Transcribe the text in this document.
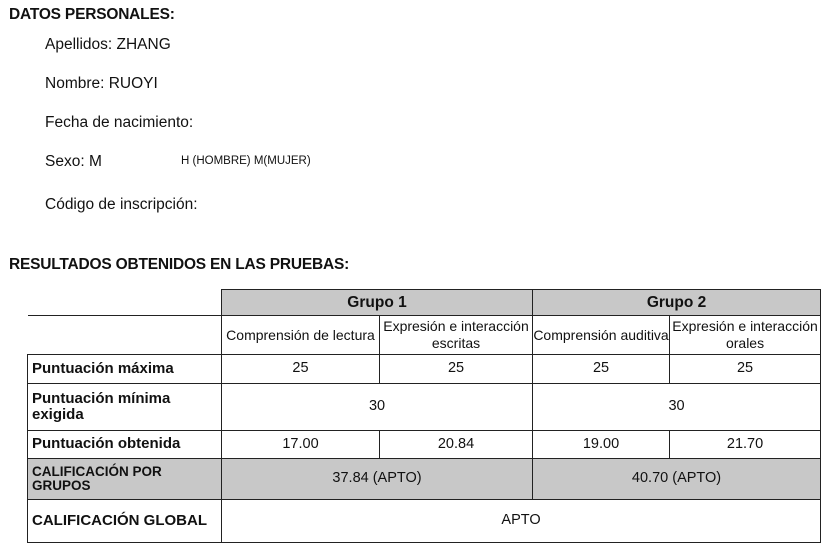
DATOS PERSONALES:
Apellidos: ZHANG
Nombre: RUOYI
Fecha de nacimiento:
Sexo: M	H (HOMBRE) M(MUJER)
Código de inscripción:
RESULTADOS OBTENIDOS EN LAS PRUEBAS:
	Grupo 1		Grupo 2	
	Comprensión de lectura	Expresión e interacción escritas	Comprensión auditiva	Expresión e interacción orales
Puntuación máxima	25	25	25	25
Puntuación mínima exigida	30		30	
Puntuación obtenida	17.00	20.84	19.00	21.70
CALIFICACIÓN POR GRUPOS	37.84 (APTO)		40.70 (APTO)	
CALIFICACIÓN GLOBAL	APTO			
